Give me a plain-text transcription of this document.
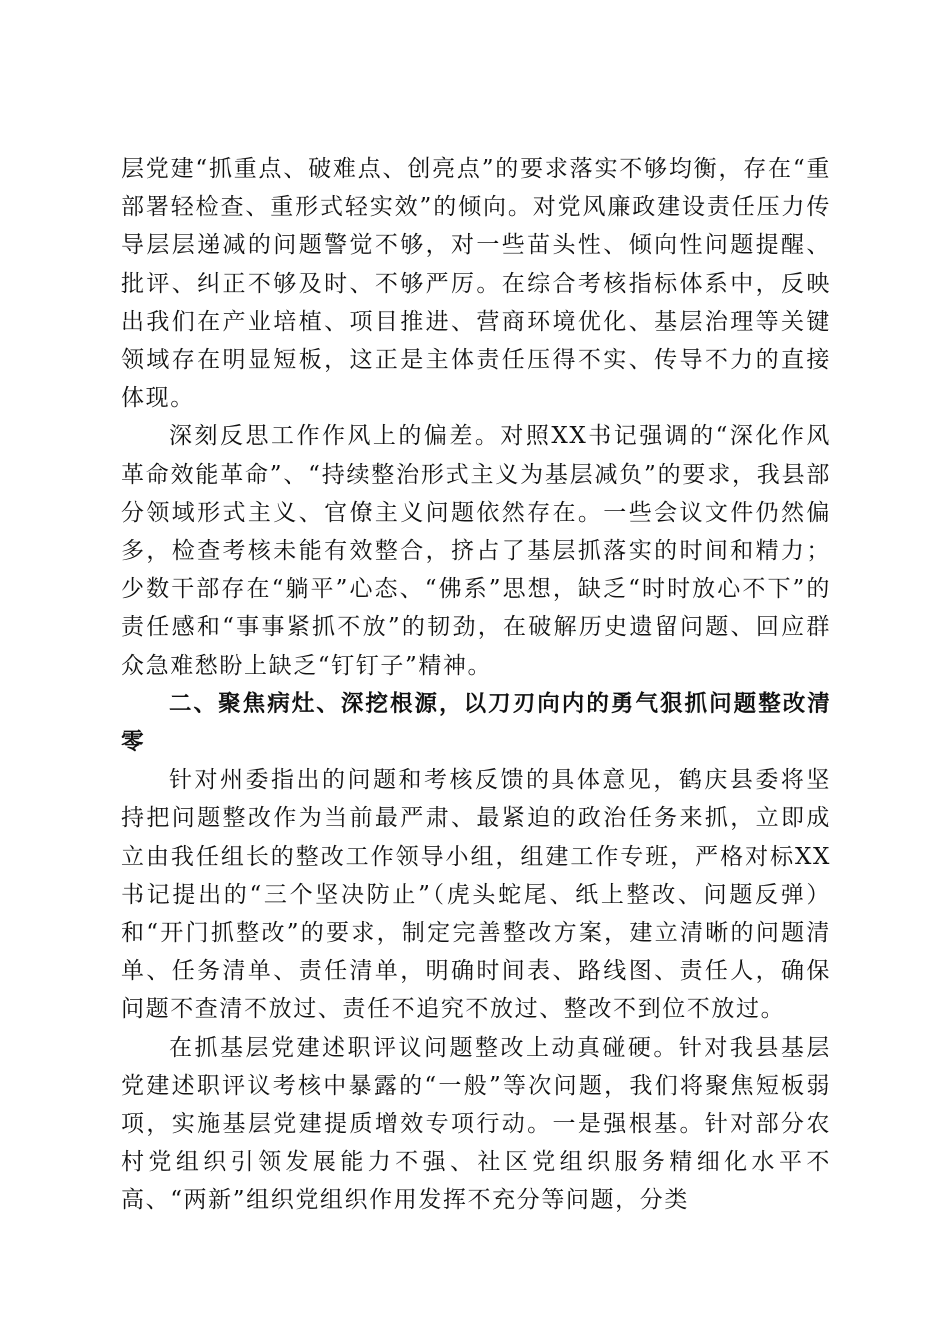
层党建“抓重点、破难点、创亮点”的要求落实不够均衡，存在“重部署轻检查、重形式轻实效”的倾向。对党风廉政建设责任压力传导层层递减的问题警觉不够，对一些苗头性、倾向性问题提醒、批评、纠正不够及时、不够严厉。在综合考核指标体系中，反映出我们在产业培植、项目推进、营商环境优化、基层治理等关键领域存在明显短板，这正是主体责任压得不实、传导不力的直接体现。

深刻反思工作作风上的偏差。对照XX书记强调的“深化作风革命效能革命”、“持续整治形式主义为基层减负”的要求，我县部分领域形式主义、官僚主义问题依然存在。一些会议文件仍然偏多，检查考核未能有效整合，挤占了基层抓落实的时间和精力；少数干部存在“躺平”心态、“佛系”思想，缺乏“时时放心不下”的责任感和“事事紧抓不放”的韧劲，在破解历史遗留问题、回应群众急难愁盼上缺乏“钉钉子”精神。

二、聚焦病灶、深挖根源，以刀刃向内的勇气狠抓问题整改清零

针对州委指出的问题和考核反馈的具体意见，鹤庆县委将坚持把问题整改作为当前最严肃、最紧迫的政治任务来抓，立即成立由我任组长的整改工作领导小组，组建工作专班，严格对标XX书记提出的“三个坚决防止”（虎头蛇尾、纸上整改、问题反弹）和“开门抓整改”的要求，制定完善整改方案，建立清晰的问题清单、任务清单、责任清单，明确时间表、路线图、责任人，确保问题不查清不放过、责任不追究不放过、整改不到位不放过。

在抓基层党建述职评议问题整改上动真碰硬。针对我县基层党建述职评议考核中暴露的“一般”等次问题，我们将聚焦短板弱项，实施基层党建提质增效专项行动。一是强根基。针对部分农村党组织引领发展能力不强、社区党组织服务精细化水平不高、“两新”组织党组织作用发挥不充分等问题，分类
